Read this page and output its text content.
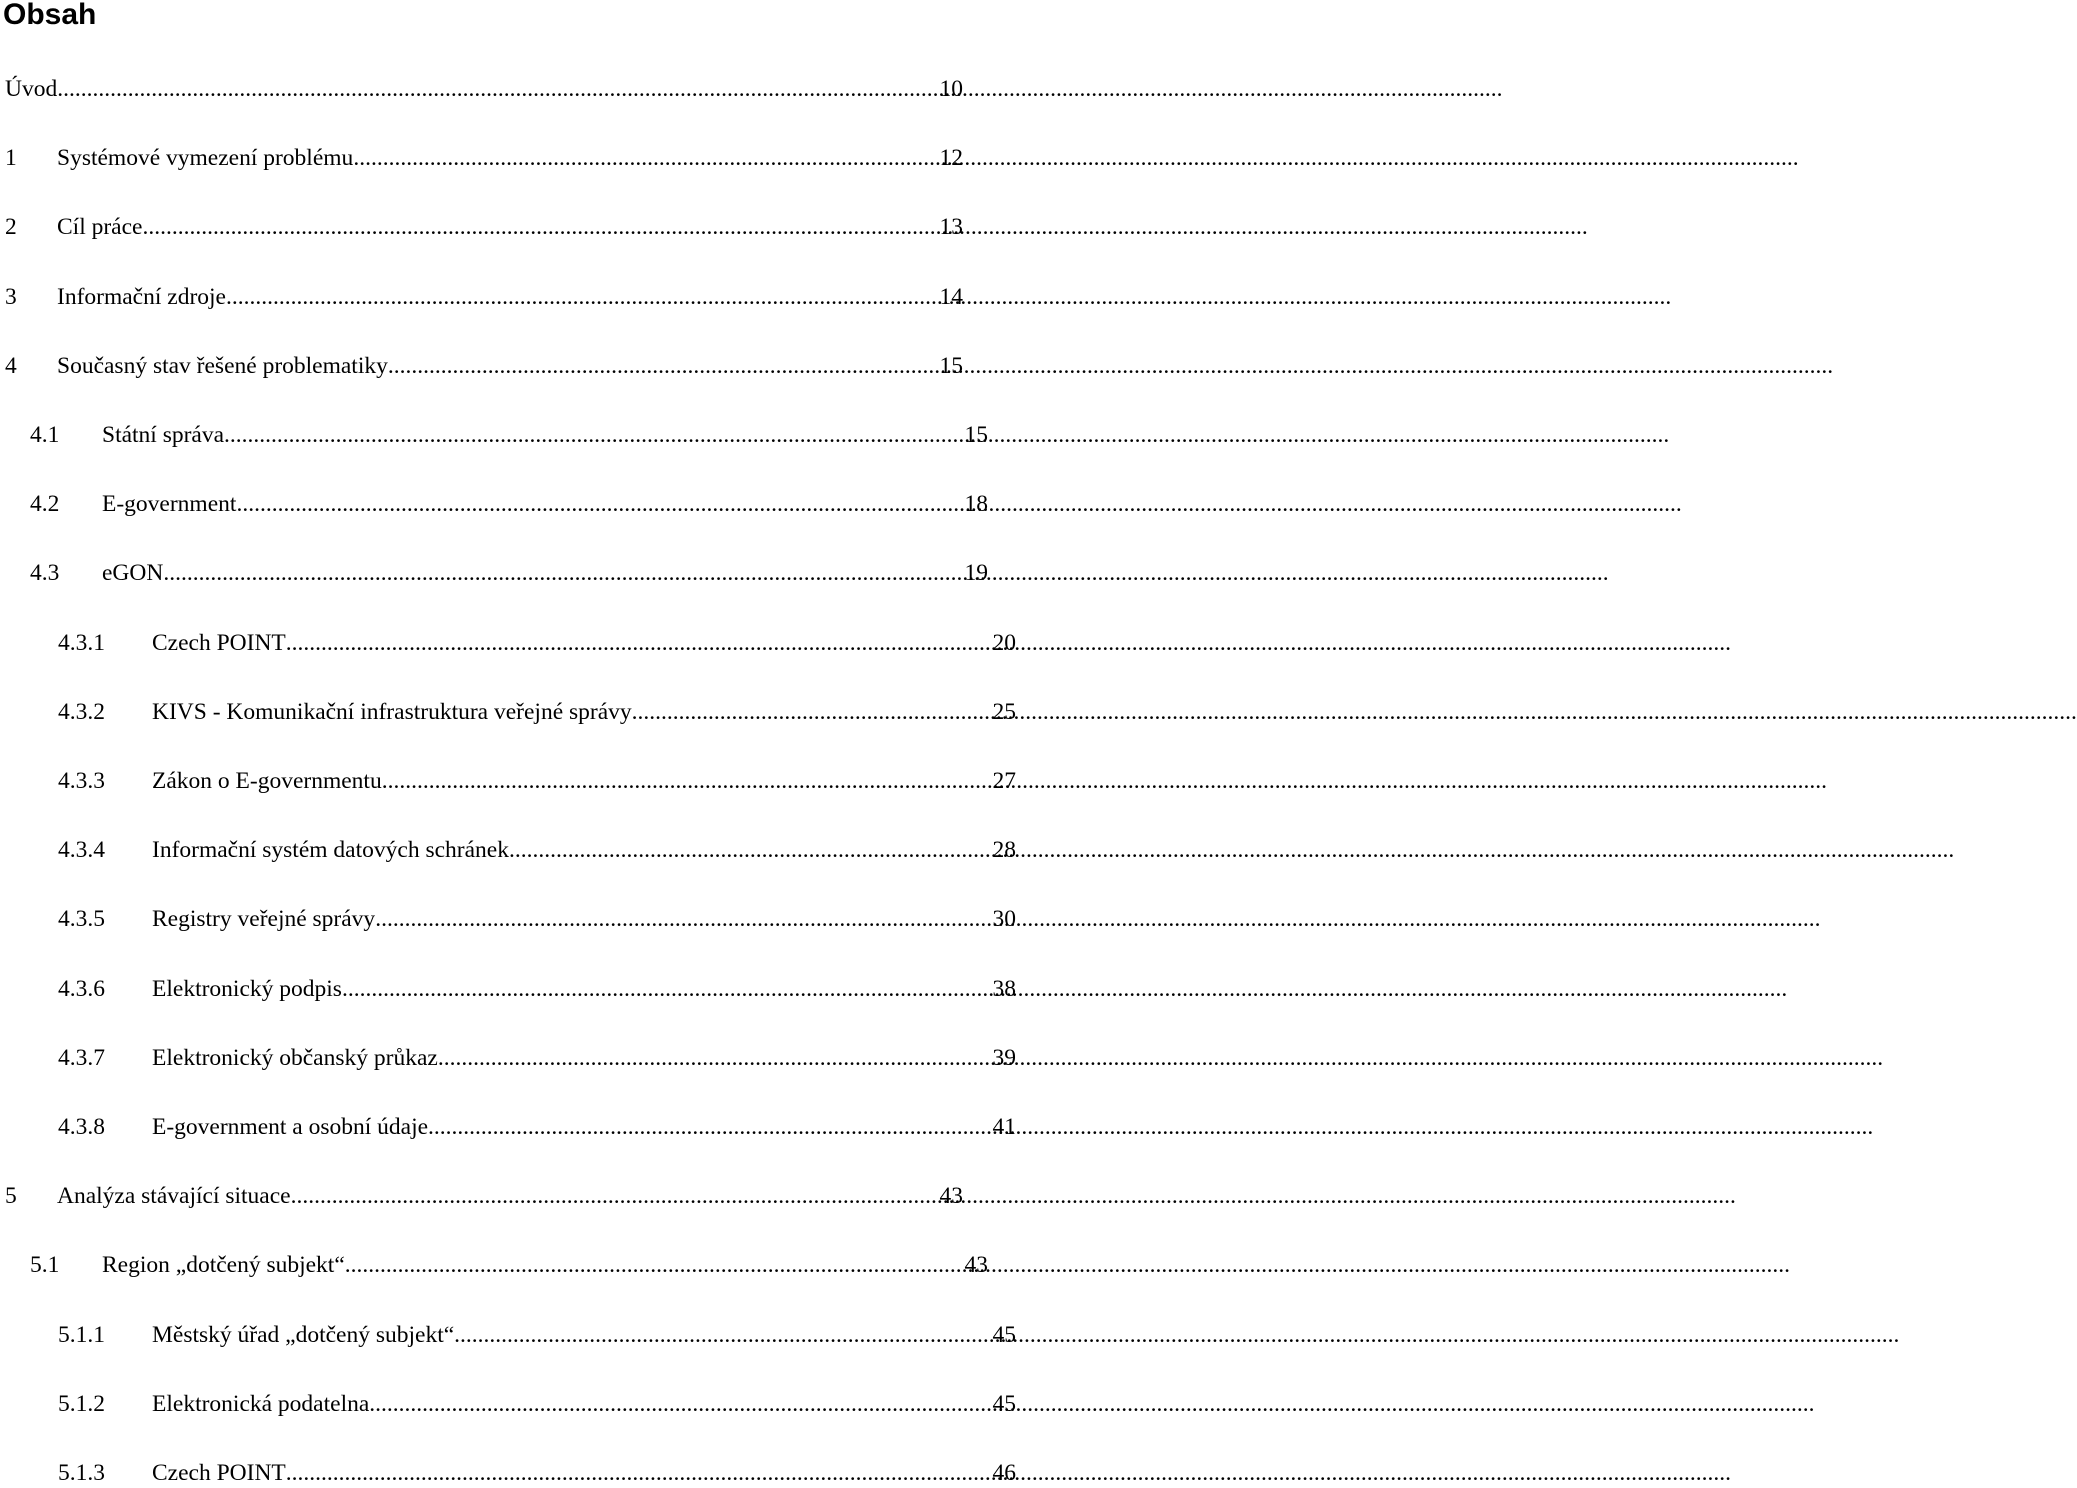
Obsah
Úvod .....	10
1	Systémové vymezení problému .....	12
2	Cíl práce .....	13
3	Informační zdroje .....	14
4	Současný stav řešené problematiky .....	15
4.1	Státní správa .....	15
4.2	E-government .....	18
4.3	eGON .....	19
4.3.1	Czech POINT .....	20
4.3.2	KIVS - Komunikační infrastruktura veřejné správy .....	25
4.3.3	Zákon o E-governmentu .....	27
4.3.4	Informační systém datových schránek .....	28
4.3.5	Registry veřejné správy .....	30
4.3.6	Elektronický podpis .....	38
4.3.7	Elektronický občanský průkaz .....	39
4.3.8	E-government a osobní údaje .....	41
5	Analýza stávající situace .....	43
5.1	Region „dotčený subjekt“ .....	43
5.1.1	Městský úřad „dotčený subjekt“ .....	45
5.1.2	Elektronická podatelna .....	45
5.1.3	Czech POINT .....	46
